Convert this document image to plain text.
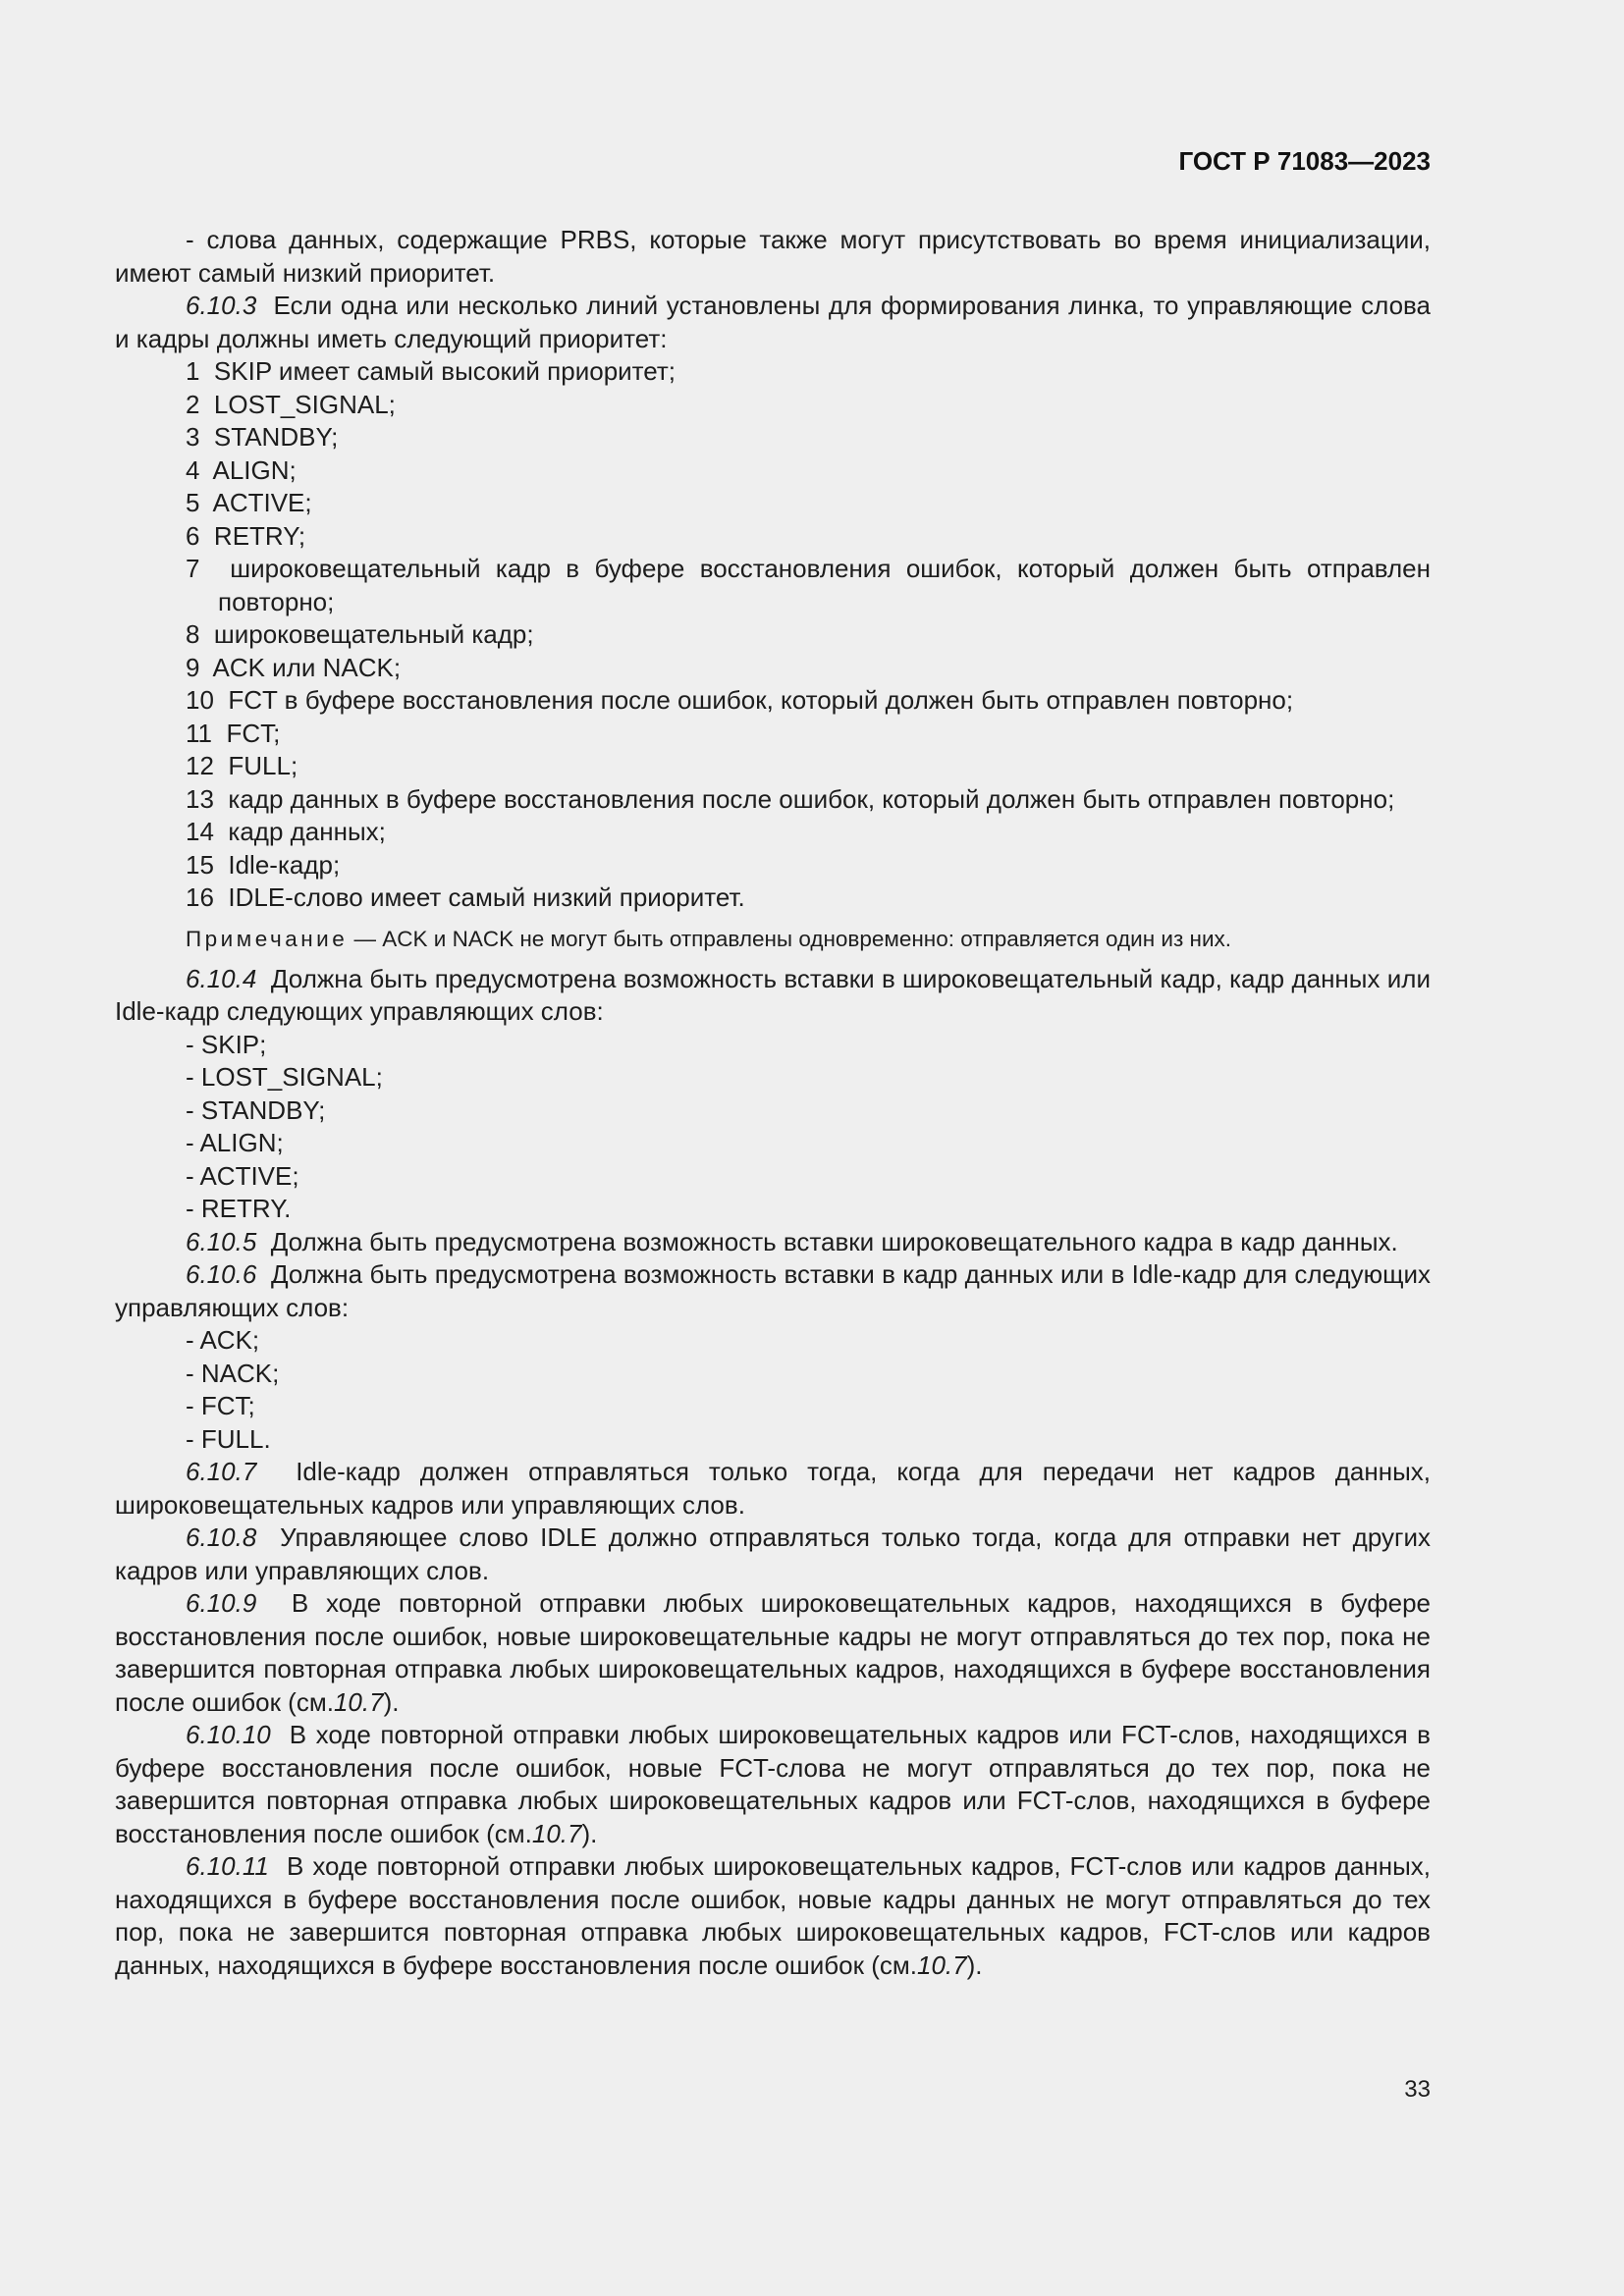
ГОСТ Р 71083—2023

- слова данных, содержащие PRBS, которые также могут присутствовать во время инициализации, имеют самый низкий приоритет.

6.10.3 Если одна или несколько линий установлены для формирования линка, то управляющие слова и кадры должны иметь следующий приоритет:

1 SKIP имеет самый высокий приоритет;

2 LOST_SIGNAL;

3 STANDBY;

4 ALIGN;

5 ACTIVE;

6 RETRY;

7 широковещательный кадр в буфере восстановления ошибок, который должен быть отправлен повторно;

8 широковещательный кадр;

9 ACK или NACK;

10 FCT в буфере восстановления после ошибок, который должен быть отправлен повторно;

11 FCT;

12 FULL;

13 кадр данных в буфере восстановления после ошибок, который должен быть отправлен повторно;

14 кадр данных;

15 Idle-кадр;

16 IDLE-слово имеет самый низкий приоритет.

Примечание — ACK и NACK не могут быть отправлены одновременно: отправляется один из них.

6.10.4 Должна быть предусмотрена возможность вставки в широковещательный кадр, кадр данных или Idle-кадр следующих управляющих слов:

- SKIP;

- LOST_SIGNAL;

- STANDBY;

- ALIGN;

- ACTIVE;

- RETRY.

6.10.5 Должна быть предусмотрена возможность вставки широковещательного кадра в кадр данных.

6.10.6 Должна быть предусмотрена возможность вставки в кадр данных или в Idle-кадр для следующих управляющих слов:

- ACK;

- NACK;

- FCT;

- FULL.

6.10.7 Idle-кадр должен отправляться только тогда, когда для передачи нет кадров данных, широковещательных кадров или управляющих слов.

6.10.8 Управляющее слово IDLE должно отправляться только тогда, когда для отправки нет других кадров или управляющих слов.

6.10.9 В ходе повторной отправки любых широковещательных кадров, находящихся в буфере восстановления после ошибок, новые широковещательные кадры не могут отправляться до тех пор, пока не завершится повторная отправка любых широковещательных кадров, находящихся в буфере восстановления после ошибок (см.10.7).

6.10.10 В ходе повторной отправки любых широковещательных кадров или FCT-слов, находящихся в буфере восстановления после ошибок, новые FCT-слова не могут отправляться до тех пор, пока не завершится повторная отправка любых широковещательных кадров или FCT-слов, находящихся в буфере восстановления после ошибок (см.10.7).

6.10.11 В ходе повторной отправки любых широковещательных кадров, FCT-слов или кадров данных, находящихся в буфере восстановления после ошибок, новые кадры данных не могут отправляться до тех пор, пока не завершится повторная отправка любых широковещательных кадров, FCT-слов или кадров данных, находящихся в буфере восстановления после ошибок (см.10.7).

33
